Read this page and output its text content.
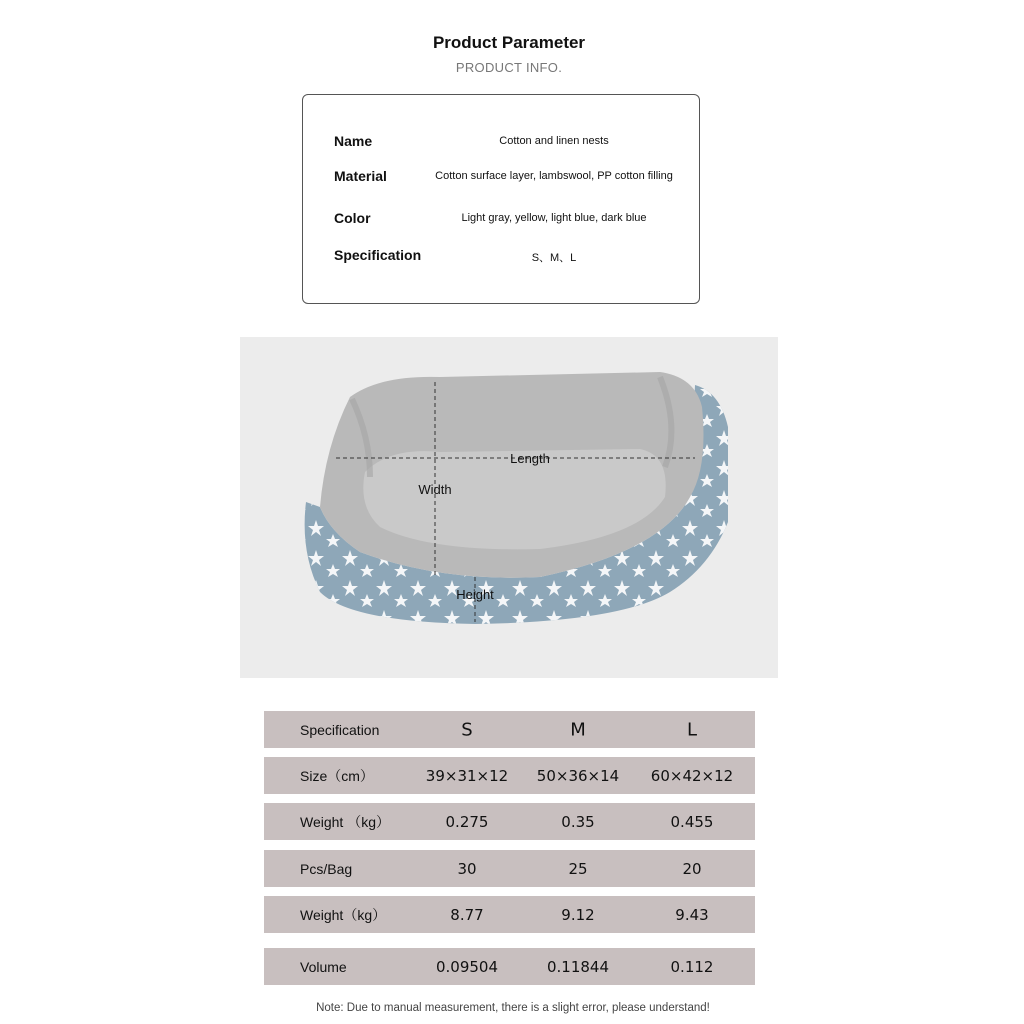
Product Parameter
PRODUCT INFO.
Name	Cotton and linen nests
Material	Cotton surface layer, lambswool, PP cotton filling
Color	Light gray, yellow, light blue, dark blue
Specification	S、M、L
Length
Width
Height
Specification	S	M	L
Size（cm）	39×31×12	50×36×14	60×42×12
Weight （kg）	0.275	0.35	0.455
Pcs/Bag	30	25	20
Weight（kg）	8.77	9.12	9.43
Volume	0.09504	0.11844	0.112
Note: Due to manual measurement, there is a slight error, please understand!
